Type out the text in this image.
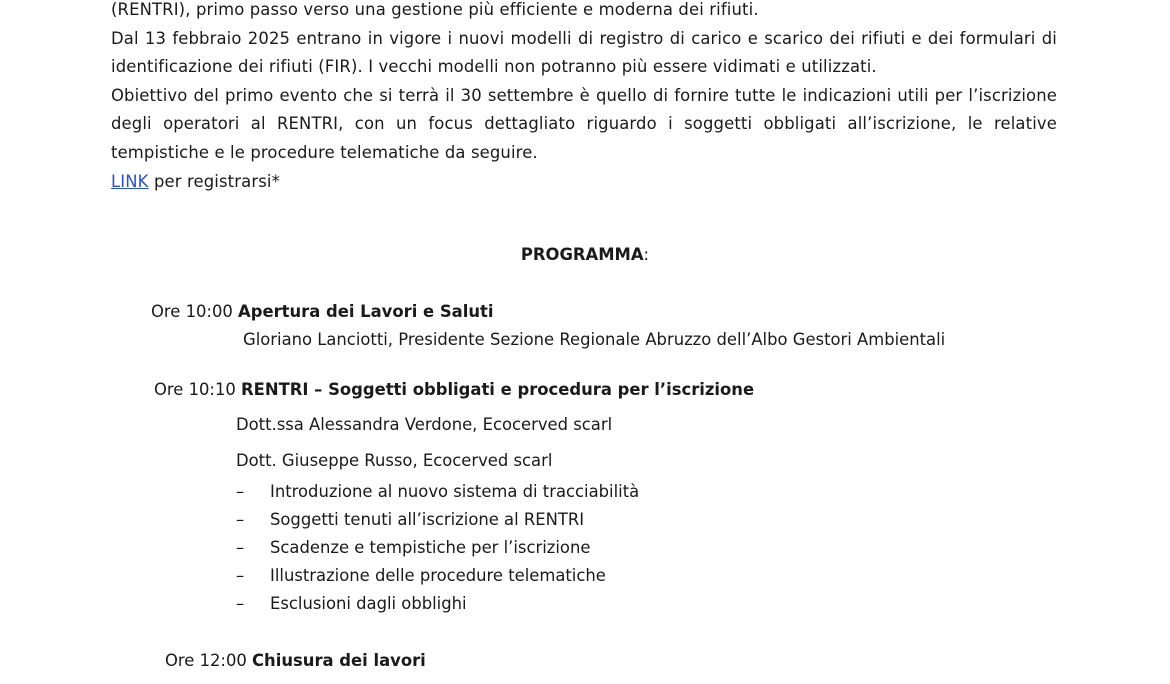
(RENTRI), primo passo verso una gestione più efficiente e moderna dei rifiuti.

Dal 13 febbraio 2025 entrano in vigore i nuovi modelli di registro di carico e scarico dei rifiuti e dei formulari di identificazione dei rifiuti (FIR). I vecchi modelli non potranno più essere vidimati e utilizzati.

Obiettivo del primo evento che si terrà il 30 settembre è quello di fornire tutte le indicazioni utili per l’iscrizione degli operatori al RENTRI, con un focus dettagliato riguardo i soggetti obbligati all’iscrizione, le relative tempistiche e le procedure telematiche da seguire.

LINK per registrarsi*

PROGRAMMA:
Ore 10:00 Apertura dei Lavori e Saluti
Gloriano Lanciotti, Presidente Sezione Regionale Abruzzo dell’Albo Gestori Ambientali
Ore 10:10 RENTRI – Soggetti obbligati e procedura per l’iscrizione
Dott.ssa Alessandra Verdone, Ecocerved scarl
Dott. Giuseppe Russo, Ecocerved scarl
– Introduzione al nuovo sistema di tracciabilità
– Soggetti tenuti all’iscrizione al RENTRI
– Scadenze e tempistiche per l’iscrizione
– Illustrazione delle procedure telematiche
– Esclusioni dagli obblighi
Ore 12:00 Chiusura dei lavori
